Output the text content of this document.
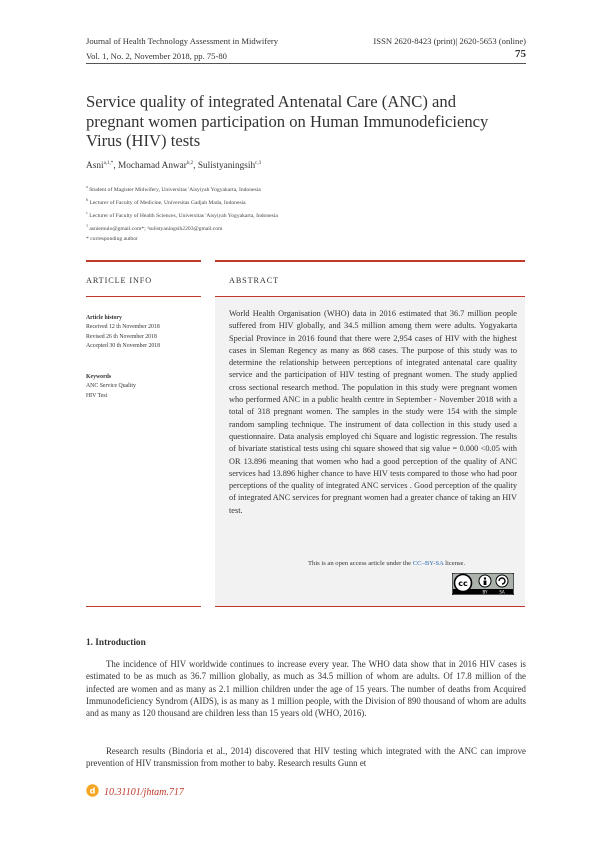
Journal of Health Technology Assessment in Midwifery	ISSN 2620-8423 (print)| 2620-5653 (online)
Vol. 1, No. 2, November 2018, pp. 75-80	75
Service quality of integrated Antenatal Care (ANC) and pregnant women participation on Human Immunodeficiency Virus (HIV) tests
Asni$^{a,1,*}$, Mochamad Anwar$^{b,2}$, Sulistyaningsih$^{c,3}$
$^a$ Student of Magister Midwifery, Universitas 'Aisyiyah Yogyakarta, Indonesia
$^b$ Lecturer of Faculty of Medicine, Universitas Gadjah Mada, Indonesia
$^c$ Lecturer of Faculty of Health Sciences, Universitas 'Aisyiyah Yogyakarta, Indonesia
$^1$ asniemulo@gmail.com*; ³sulistyaningsih2203@gmail.com
* corresponding author
ARTICLE INFO	ABSTRACT
Article history
Received 12 th November 2018
Revised 26 th November 2018
Accepted 30 th November 2018
Keywords
ANC Service Quality
HIV Test
World Health Organisation (WHO) data in 2016 estimated that 36.7 million people suffered from HIV globally, and 34.5 million among them were adults. Yogyakarta Special Province in 2016 found that there were 2,954 cases of HIV with the highest cases in Sleman Regency as many as 868 cases. The purpose of this study was to determine the relationship between perceptions of integrated antenatal care quality service and the participation of HIV testing of pregnant women. The study applied cross sectional research method. The population in this study were pregnant women who performed ANC in a public health centre in September - November 2018 with a total of 318 pregnant women. The samples in the study were 154 with the simple random sampling technique. The instrument of data collection in this study used a questionnaire. Data analysis employed chi Square and logistic regression. The results of bivariate statistical tests using chi square showed that sig value = 0.000 <0.05 with OR 13.896 meaning that women who had a good perception of the quality of ANC services had 13.896 higher chance to have HIV tests compared to those who had poor perceptions of the quality of integrated ANC services . Good perception of the quality of integrated ANC services for pregnant women had a greater chance of taking an HIV test.
This is an open access article under the CC–BY-SA license.
cc
BY	SA
1. Introduction
The incidence of HIV worldwide continues to increase every year. The WHO data show that in 2016 HIV cases is estimated to be as much as 36.7 million globally, as much as 34.5 million of whom are adults. Of 17.8 million of the infected are women and as many as 2.1 million children under the age of 15 years. The number of deaths from Acquired Immunodeficiency Syndrom (AIDS), is as many as 1 million people, with the Division of 890 thousand of whom are adults and as many as 120 thousand are children less than 15 years old (WHO, 2016).
Research results (Bindoria et al., 2014) discovered that HIV testing which integrated with the ANC can improve prevention of HIV transmission from mother to baby. Research results Gunn et
d 10.31101/jhtam.717
